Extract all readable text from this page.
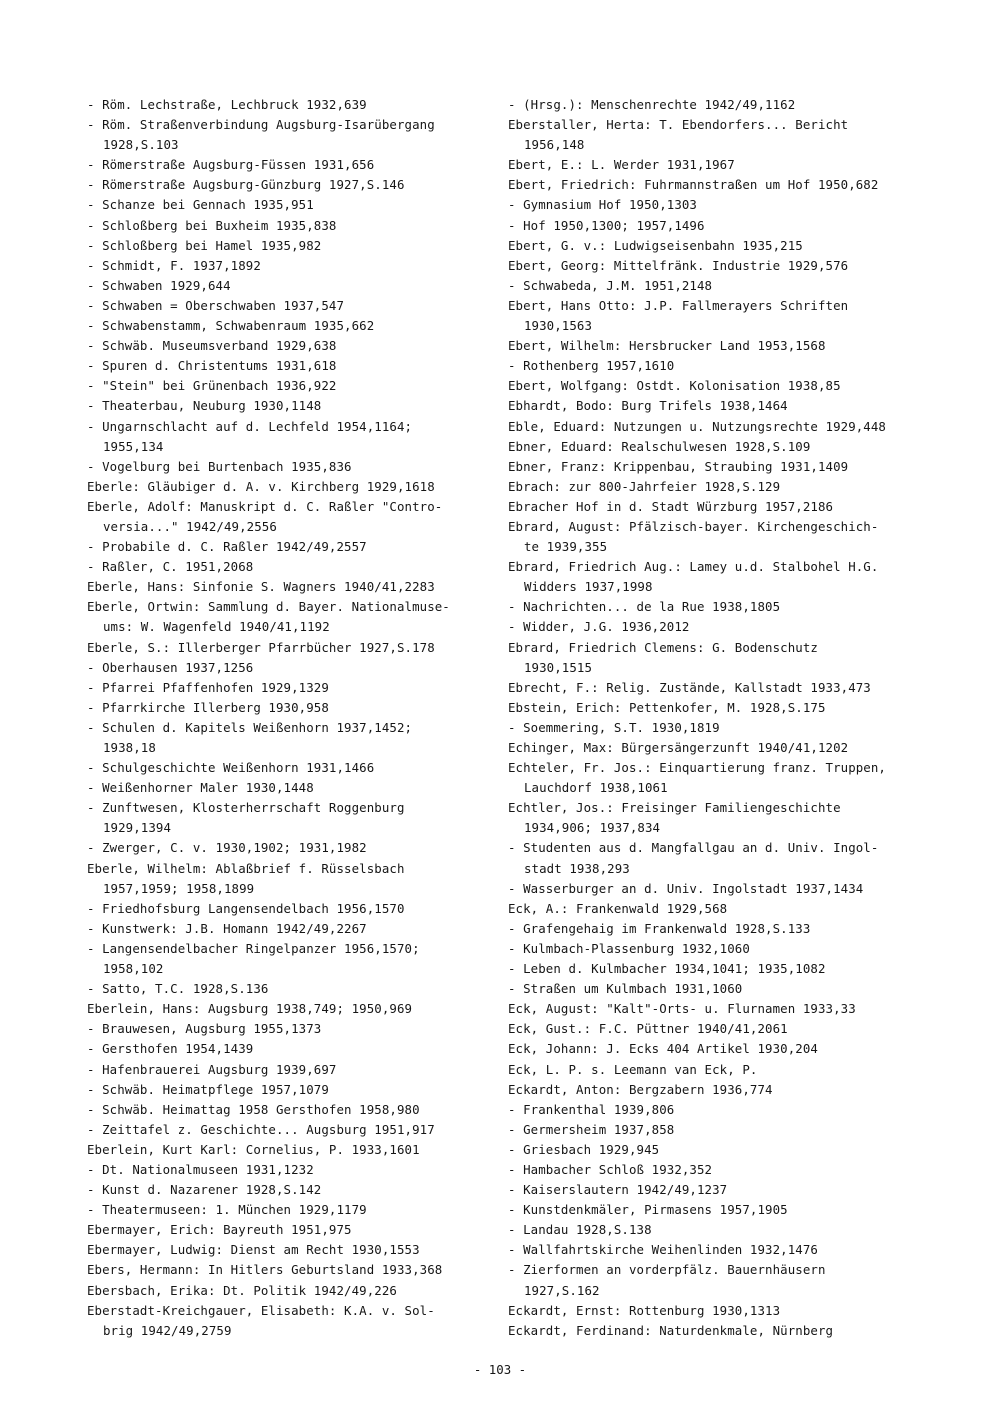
- Röm. Lechstraße, Lechbruck 1932,639
- Röm. Straßenverbindung Augsburg-Isarübergang
1928,S.103
- Römerstraße Augsburg-Füssen 1931,656
- Römerstraße Augsburg-Günzburg 1927,S.146
- Schanze bei Gennach 1935,951
- Schloßberg bei Buxheim 1935,838
- Schloßberg bei Hamel 1935,982
- Schmidt, F. 1937,1892
- Schwaben 1929,644
- Schwaben = Oberschwaben 1937,547
- Schwabenstamm, Schwabenraum 1935,662
- Schwäb. Museumsverband 1929,638
- Spuren d. Christentums 1931,618
- "Stein" bei Grünenbach 1936,922
- Theaterbau, Neuburg 1930,1148
- Ungarnschlacht auf d. Lechfeld 1954,1164;
1955,134
- Vogelburg bei Burtenbach 1935,836
Eberle: Gläubiger d. A. v. Kirchberg 1929,1618
Eberle, Adolf: Manuskript d. C. Raßler "Contro-
versia..." 1942/49,2556
- Probabile d. C. Raßler 1942/49,2557
- Raßler, C. 1951,2068
Eberle, Hans: Sinfonie S. Wagners 1940/41,2283
Eberle, Ortwin: Sammlung d. Bayer. Nationalmuse-
ums: W. Wagenfeld 1940/41,1192
Eberle, S.: Illerberger Pfarrbücher 1927,S.178
- Oberhausen 1937,1256
- Pfarrei Pfaffenhofen 1929,1329
- Pfarrkirche Illerberg 1930,958
- Schulen d. Kapitels Weißenhorn 1937,1452;
1938,18
- Schulgeschichte Weißenhorn 1931,1466
- Weißenhorner Maler 1930,1448
- Zunftwesen, Klosterherrschaft Roggenburg
1929,1394
- Zwerger, C. v. 1930,1902; 1931,1982
Eberle, Wilhelm: Ablaßbrief f. Rüsselsbach
1957,1959; 1958,1899
- Friedhofsburg Langensendelbach 1956,1570
- Kunstwerk: J.B. Homann 1942/49,2267
- Langensendelbacher Ringelpanzer 1956,1570;
1958,102
- Satto, T.C. 1928,S.136
Eberlein, Hans: Augsburg 1938,749; 1950,969
- Brauwesen, Augsburg 1955,1373
- Gersthofen 1954,1439
- Hafenbrauerei Augsburg 1939,697
- Schwäb. Heimatpflege 1957,1079
- Schwäb. Heimattag 1958 Gersthofen 1958,980
- Zeittafel z. Geschichte... Augsburg 1951,917
Eberlein, Kurt Karl: Cornelius, P. 1933,1601
- Dt. Nationalmuseen 1931,1232
- Kunst d. Nazarener 1928,S.142
- Theatermuseen: 1. München 1929,1179
Ebermayer, Erich: Bayreuth 1951,975
Ebermayer, Ludwig: Dienst am Recht 1930,1553
Ebers, Hermann: In Hitlers Geburtsland 1933,368
Ebersbach, Erika: Dt. Politik 1942/49,226
Eberstadt-Kreichgauer, Elisabeth: K.A. v. Sol-
brig 1942/49,2759
- (Hrsg.): Menschenrechte 1942/49,1162
Eberstaller, Herta: T. Ebendorfers... Bericht
1956,148
Ebert, E.: L. Werder 1931,1967
Ebert, Friedrich: Fuhrmannstraßen um Hof 1950,682
- Gymnasium Hof 1950,1303
- Hof 1950,1300; 1957,1496
Ebert, G. v.: Ludwigseisenbahn 1935,215
Ebert, Georg: Mittelfränk. Industrie 1929,576
- Schwabeda, J.M. 1951,2148
Ebert, Hans Otto: J.P. Fallmerayers Schriften
1930,1563
Ebert, Wilhelm: Hersbrucker Land 1953,1568
- Rothenberg 1957,1610
Ebert, Wolfgang: Ostdt. Kolonisation 1938,85
Ebhardt, Bodo: Burg Trifels 1938,1464
Eble, Eduard: Nutzungen u. Nutzungsrechte 1929,448
Ebner, Eduard: Realschulwesen 1928,S.109
Ebner, Franz: Krippenbau, Straubing 1931,1409
Ebrach: zur 800-Jahrfeier 1928,S.129
Ebracher Hof in d. Stadt Würzburg 1957,2186
Ebrard, August: Pfälzisch-bayer. Kirchengeschich-
te 1939,355
Ebrard, Friedrich Aug.: Lamey u.d. Stalbohel H.G.
Widders 1937,1998
- Nachrichten... de la Rue 1938,1805
- Widder, J.G. 1936,2012
Ebrard, Friedrich Clemens: G. Bodenschutz
1930,1515
Ebrecht, F.: Relig. Zustände, Kallstadt 1933,473
Ebstein, Erich: Pettenkofer, M. 1928,S.175
- Soemmering, S.T. 1930,1819
Echinger, Max: Bürgersängerzunft 1940/41,1202
Echteler, Fr. Jos.: Einquartierung franz. Truppen,
Lauchdorf 1938,1061
Echtler, Jos.: Freisinger Familiengeschichte
1934,906; 1937,834
- Studenten aus d. Mangfallgau an d. Univ. Ingol-
stadt 1938,293
- Wasserburger an d. Univ. Ingolstadt 1937,1434
Eck, A.: Frankenwald 1929,568
- Grafengehaig im Frankenwald 1928,S.133
- Kulmbach-Plassenburg 1932,1060
- Leben d. Kulmbacher 1934,1041; 1935,1082
- Straßen um Kulmbach 1931,1060
Eck, August: "Kalt"-Orts- u. Flurnamen 1933,33
Eck, Gust.: F.C. Püttner 1940/41,2061
Eck, Johann: J. Ecks 404 Artikel 1930,204
Eck, L. P. s. Leemann van Eck, P.
Eckardt, Anton: Bergzabern 1936,774
- Frankenthal 1939,806
- Germersheim 1937,858
- Griesbach 1929,945
- Hambacher Schloß 1932,352
- Kaiserslautern 1942/49,1237
- Kunstdenkmäler, Pirmasens 1957,1905
- Landau 1928,S.138
- Wallfahrtskirche Weihenlinden 1932,1476
- Zierformen an vorderpfälz. Bauernhäusern
1927,S.162
Eckardt, Ernst: Rottenburg 1930,1313
Eckardt, Ferdinand: Naturdenkmale, Nürnberg
- 103 -
